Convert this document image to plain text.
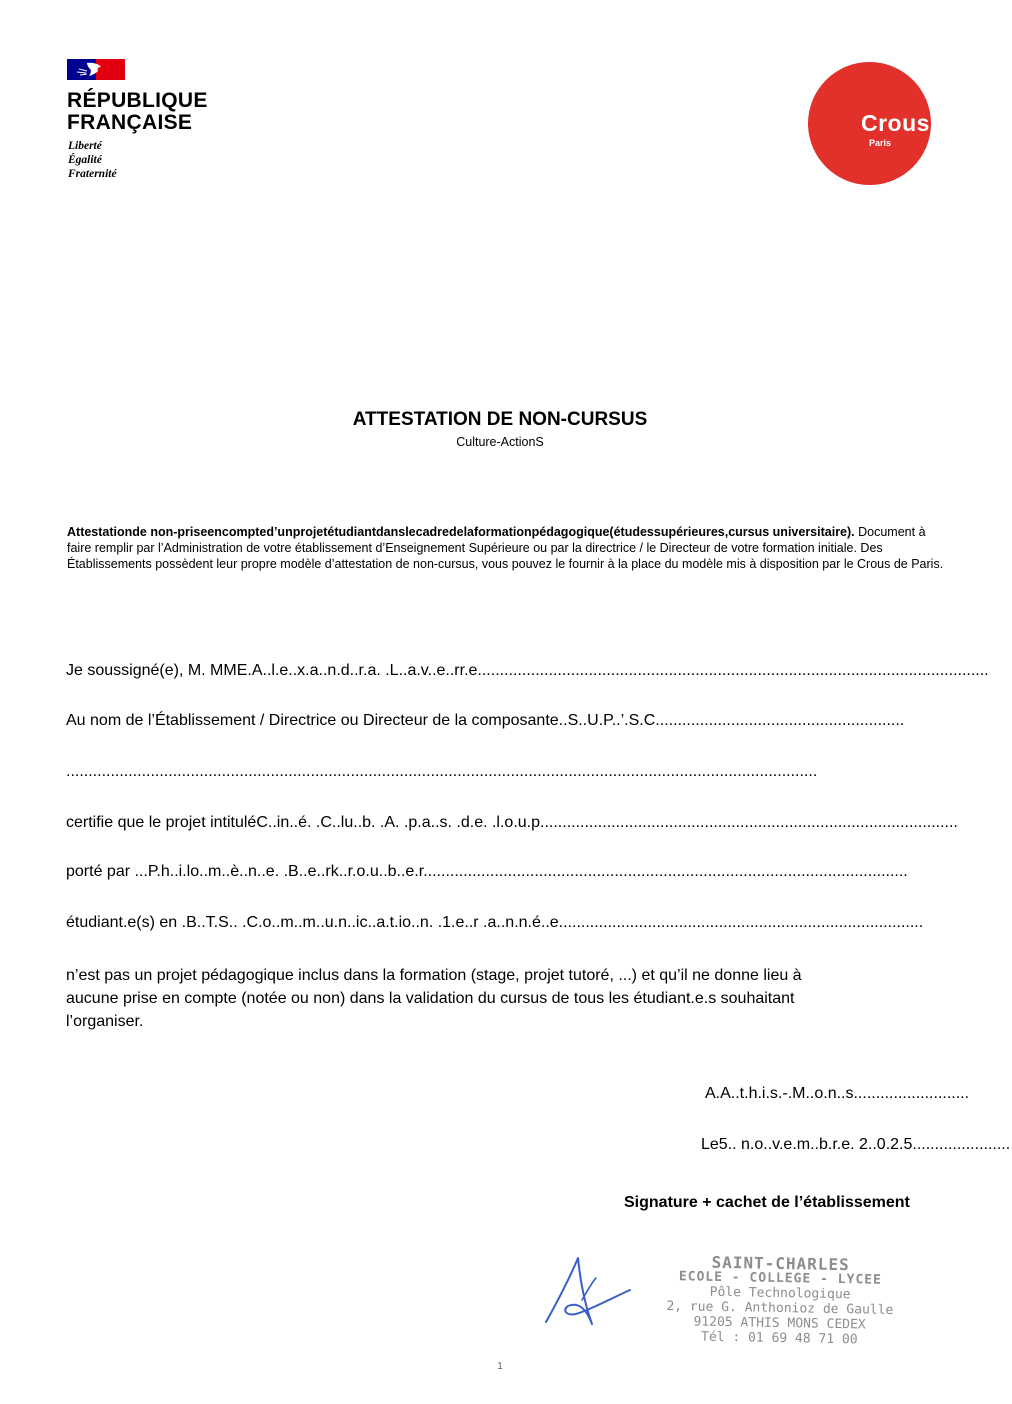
RÉPUBLIQUE
FRANÇAISE
Liberté
Égalité
Fraternité
Crous
Paris
ATTESTATION DE NON-CURSUS
Culture-ActionS
Attestationde non-priseencompted’unprojetétudiantdanslecadredelaformationpédagogique(étudessupérieures,cursus universitaire). Document à faire remplir par l’Administration de votre établissement d’Enseignement Supérieure ou par la directrice / le Directeur de votre formation initiale. Des Établissements possèdent leur propre modèle d’attestation de non-cursus, vous pouvez le fournir à la place du modèle mis à disposition par le Crous de Paris.
Je soussigné(e), M. MME.A..l.e..x.a..n.d..r.a. .L..a.v..e..rr.e...................................................................................................................
Au nom de l’Établissement / Directrice ou Directeur de la composante..S..U.P..’.S.C........................................................
.........................................................................................................................................................................
certifie que le projet intituléC..in..é. .C..lu..b. .A. .p.a..s. .d.e. .l.o.u.p..............................................................................................
porté par ...P.h..i.lo..m..è..n..e. .B..e..rk..r.o.u..b..e.r.............................................................................................................
étudiant.e(s) en .B..T.S.. .C.o..m..m..u.n..ic..a.t.io..n. .1.e..r .a..n.n.é..e..................................................................................
n’est pas un projet pédagogique inclus dans la formation (stage, projet tutoré, ...) et qu’il ne donne lieu à aucune prise en compte (notée ou non) dans la validation du cursus de tous les étudiant.e.s souhaitant l’organiser.
A.A..t.h.i.s.-.M..o.n..s..........................
Le5.. n.o..v.e.m..b.r.e. 2..0.2.5......................
Signature + cachet de l’établissement
SAINT-CHARLES
ECOLE - COLLEGE - LYCEE
Pôle Technologique
2, rue G. Anthonioz de Gaulle
91205 ATHIS MONS CEDEX
Tél : 01 69 48 71 00
1
